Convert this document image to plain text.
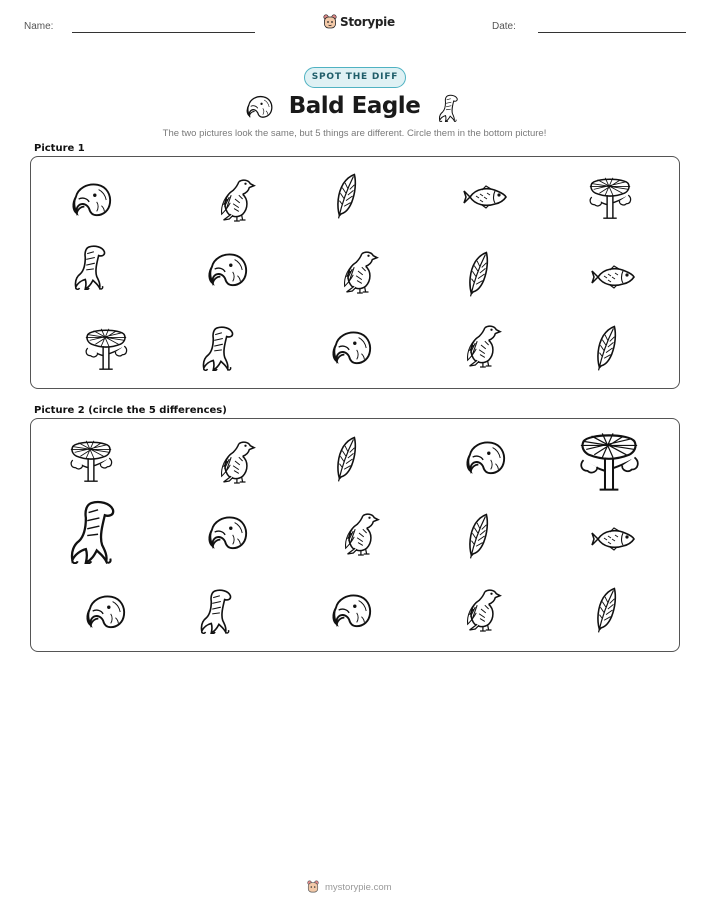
Name:	Storypie	Date:
SPOT THE DIFF
Bald Eagle
The two pictures look the same, but 5 things are different. Circle them in the bottom picture!
Picture 1
Picture 2 (circle the 5 differences)
mystorypie.com
